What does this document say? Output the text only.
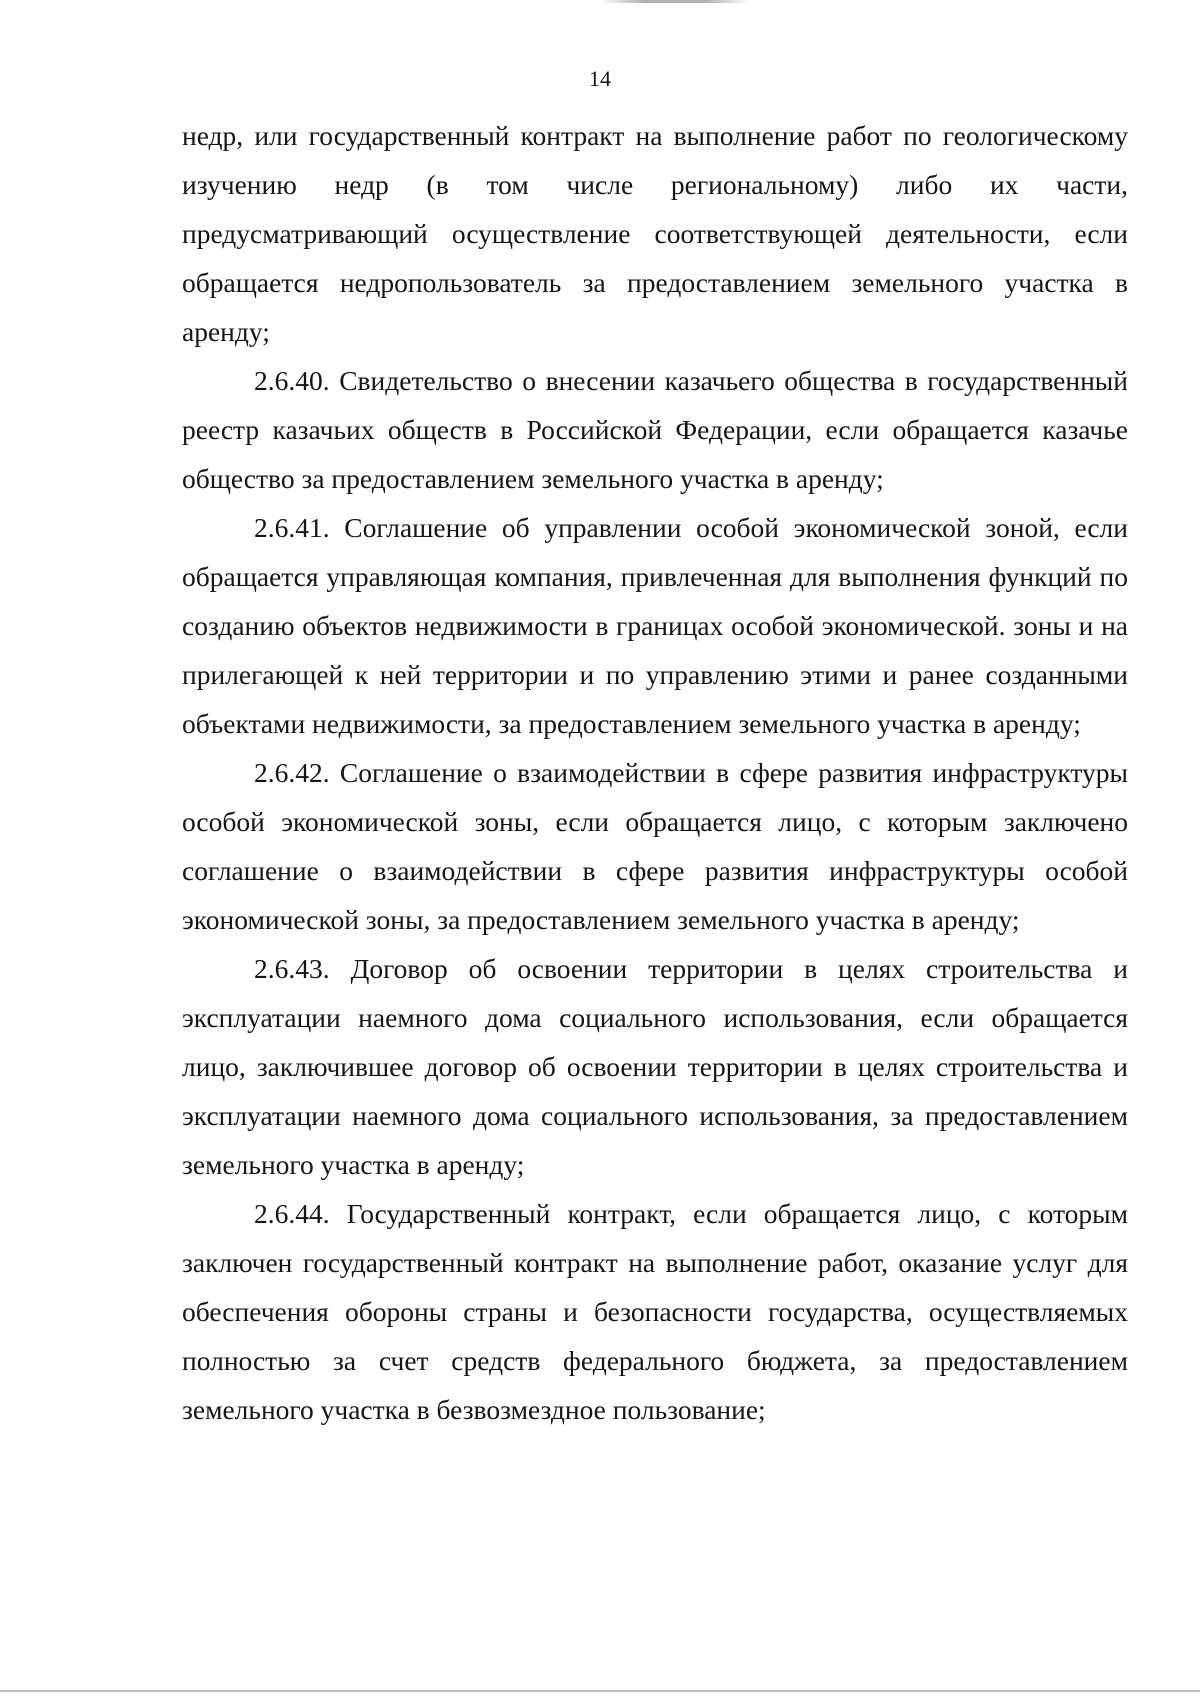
14

недр, или государственный контракт на выполнение работ по геологическому изучению недр (в том числе региональному) либо их части, предусматривающий осуществление соответствующей деятельности, если обращается недропользователь за предоставлением земельного участка в аренду;

2.6.40. Свидетельство о внесении казачьего общества в государственный реестр казачьих обществ в Российской Федерации, если обращается казачье общество за предоставлением земельного участка в аренду;

2.6.41. Соглашение об управлении особой экономической зоной, если обращается управляющая компания, привлеченная для выполнения функций по созданию объектов недвижимости в границах особой экономической. зоны и на прилегающей к ней территории и по управлению этими и ранее созданными объектами недвижимости, за предоставлением земельного участка в аренду;

2.6.42. Соглашение о взаимодействии в сфере развития инфраструктуры особой экономической зоны, если обращается лицо, с которым заключено соглашение о взаимодействии в сфере развития инфраструктуры особой экономической зоны, за предоставлением земельного участка в аренду;

2.6.43. Договор об освоении территории в целях строительства и эксплуатации наемного дома социального использования, если обращается лицо, заключившее договор об освоении территории в целях строительства и эксплуатации наемного дома социального использования, за предоставлением земельного участка в аренду;

2.6.44. Государственный контракт, если обращается лицо, с которым заключен государственный контракт на выполнение работ, оказание услуг для обеспечения обороны страны и безопасности государства, осуществляемых полностью за счет средств федерального бюджета, за предоставлением земельного участка в безвозмездное пользование;
